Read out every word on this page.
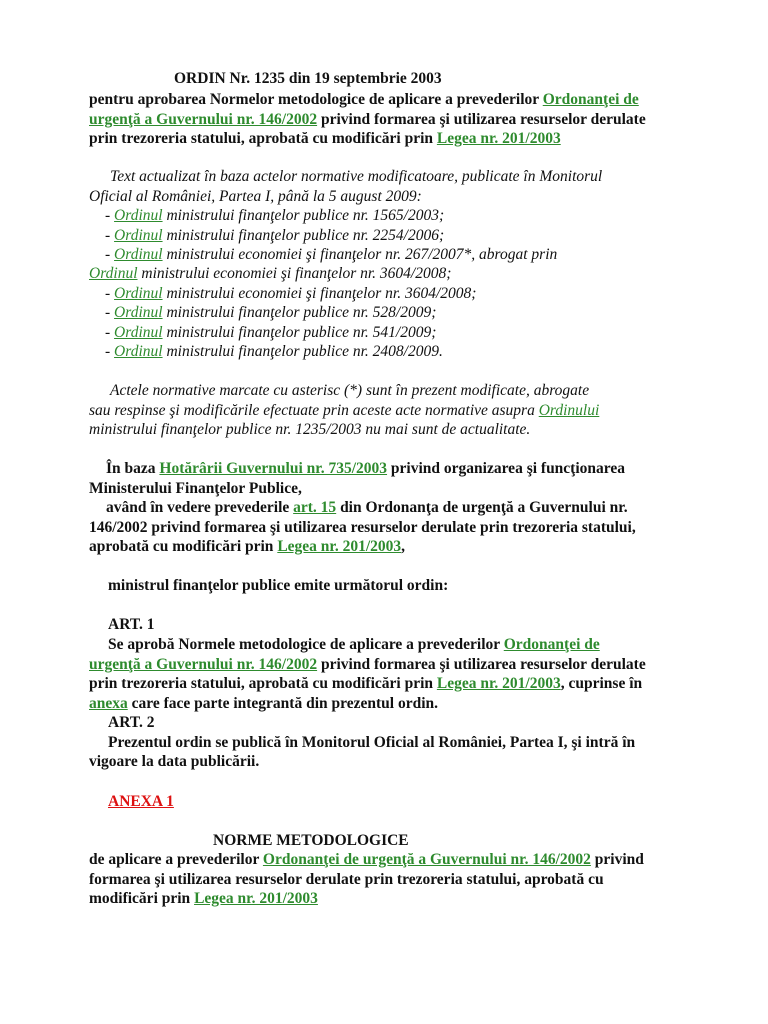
ORDIN Nr. 1235 din 19 septembrie 2003
pentru aprobarea Normelor metodologice de aplicare a prevederilor Ordonanţei de
urgenţă a Guvernului nr. 146/2002 privind formarea şi utilizarea resurselor derulate
prin trezoreria statului, aprobată cu modificări prin Legea nr. 201/2003
Text actualizat în baza actelor normative modificatoare, publicate în Monitorul
Oficial al României, Partea I, până la 5 august 2009:
- Ordinul ministrului finanţelor publice nr. 1565/2003;
- Ordinul ministrului finanţelor publice nr. 2254/2006;
- Ordinul ministrului economiei şi finanţelor nr. 267/2007*, abrogat prin
Ordinul ministrului economiei şi finanţelor nr. 3604/2008;
- Ordinul ministrului economiei şi finanţelor nr. 3604/2008;
- Ordinul ministrului finanţelor publice nr. 528/2009;
- Ordinul ministrului finanţelor publice nr. 541/2009;
- Ordinul ministrului finanţelor publice nr. 2408/2009.
Actele normative marcate cu asterisc (*) sunt în prezent modificate, abrogate
sau respinse şi modificările efectuate prin aceste acte normative asupra Ordinului
ministrului finanţelor publice nr. 1235/2003 nu mai sunt de actualitate.
În baza Hotărârii Guvernului nr. 735/2003 privind organizarea şi funcţionarea
Ministerului Finanţelor Publice,
având în vedere prevederile art. 15 din Ordonanţa de urgenţă a Guvernului nr.
146/2002 privind formarea şi utilizarea resurselor derulate prin trezoreria statului,
aprobată cu modificări prin Legea nr. 201/2003,
ministrul finanţelor publice emite următorul ordin:
ART. 1
Se aprobă Normele metodologice de aplicare a prevederilor Ordonanţei de
urgenţă a Guvernului nr. 146/2002 privind formarea şi utilizarea resurselor derulate
prin trezoreria statului, aprobată cu modificări prin Legea nr. 201/2003, cuprinse în
anexa care face parte integrantă din prezentul ordin.
ART. 2
Prezentul ordin se publică în Monitorul Oficial al României, Partea I, şi intră în
vigoare la data publicării.
ANEXA 1
NORME METODOLOGICE
de aplicare a prevederilor Ordonanţei de urgenţă a Guvernului nr. 146/2002 privind
formarea şi utilizarea resurselor derulate prin trezoreria statului, aprobată cu
modificări prin Legea nr. 201/2003
